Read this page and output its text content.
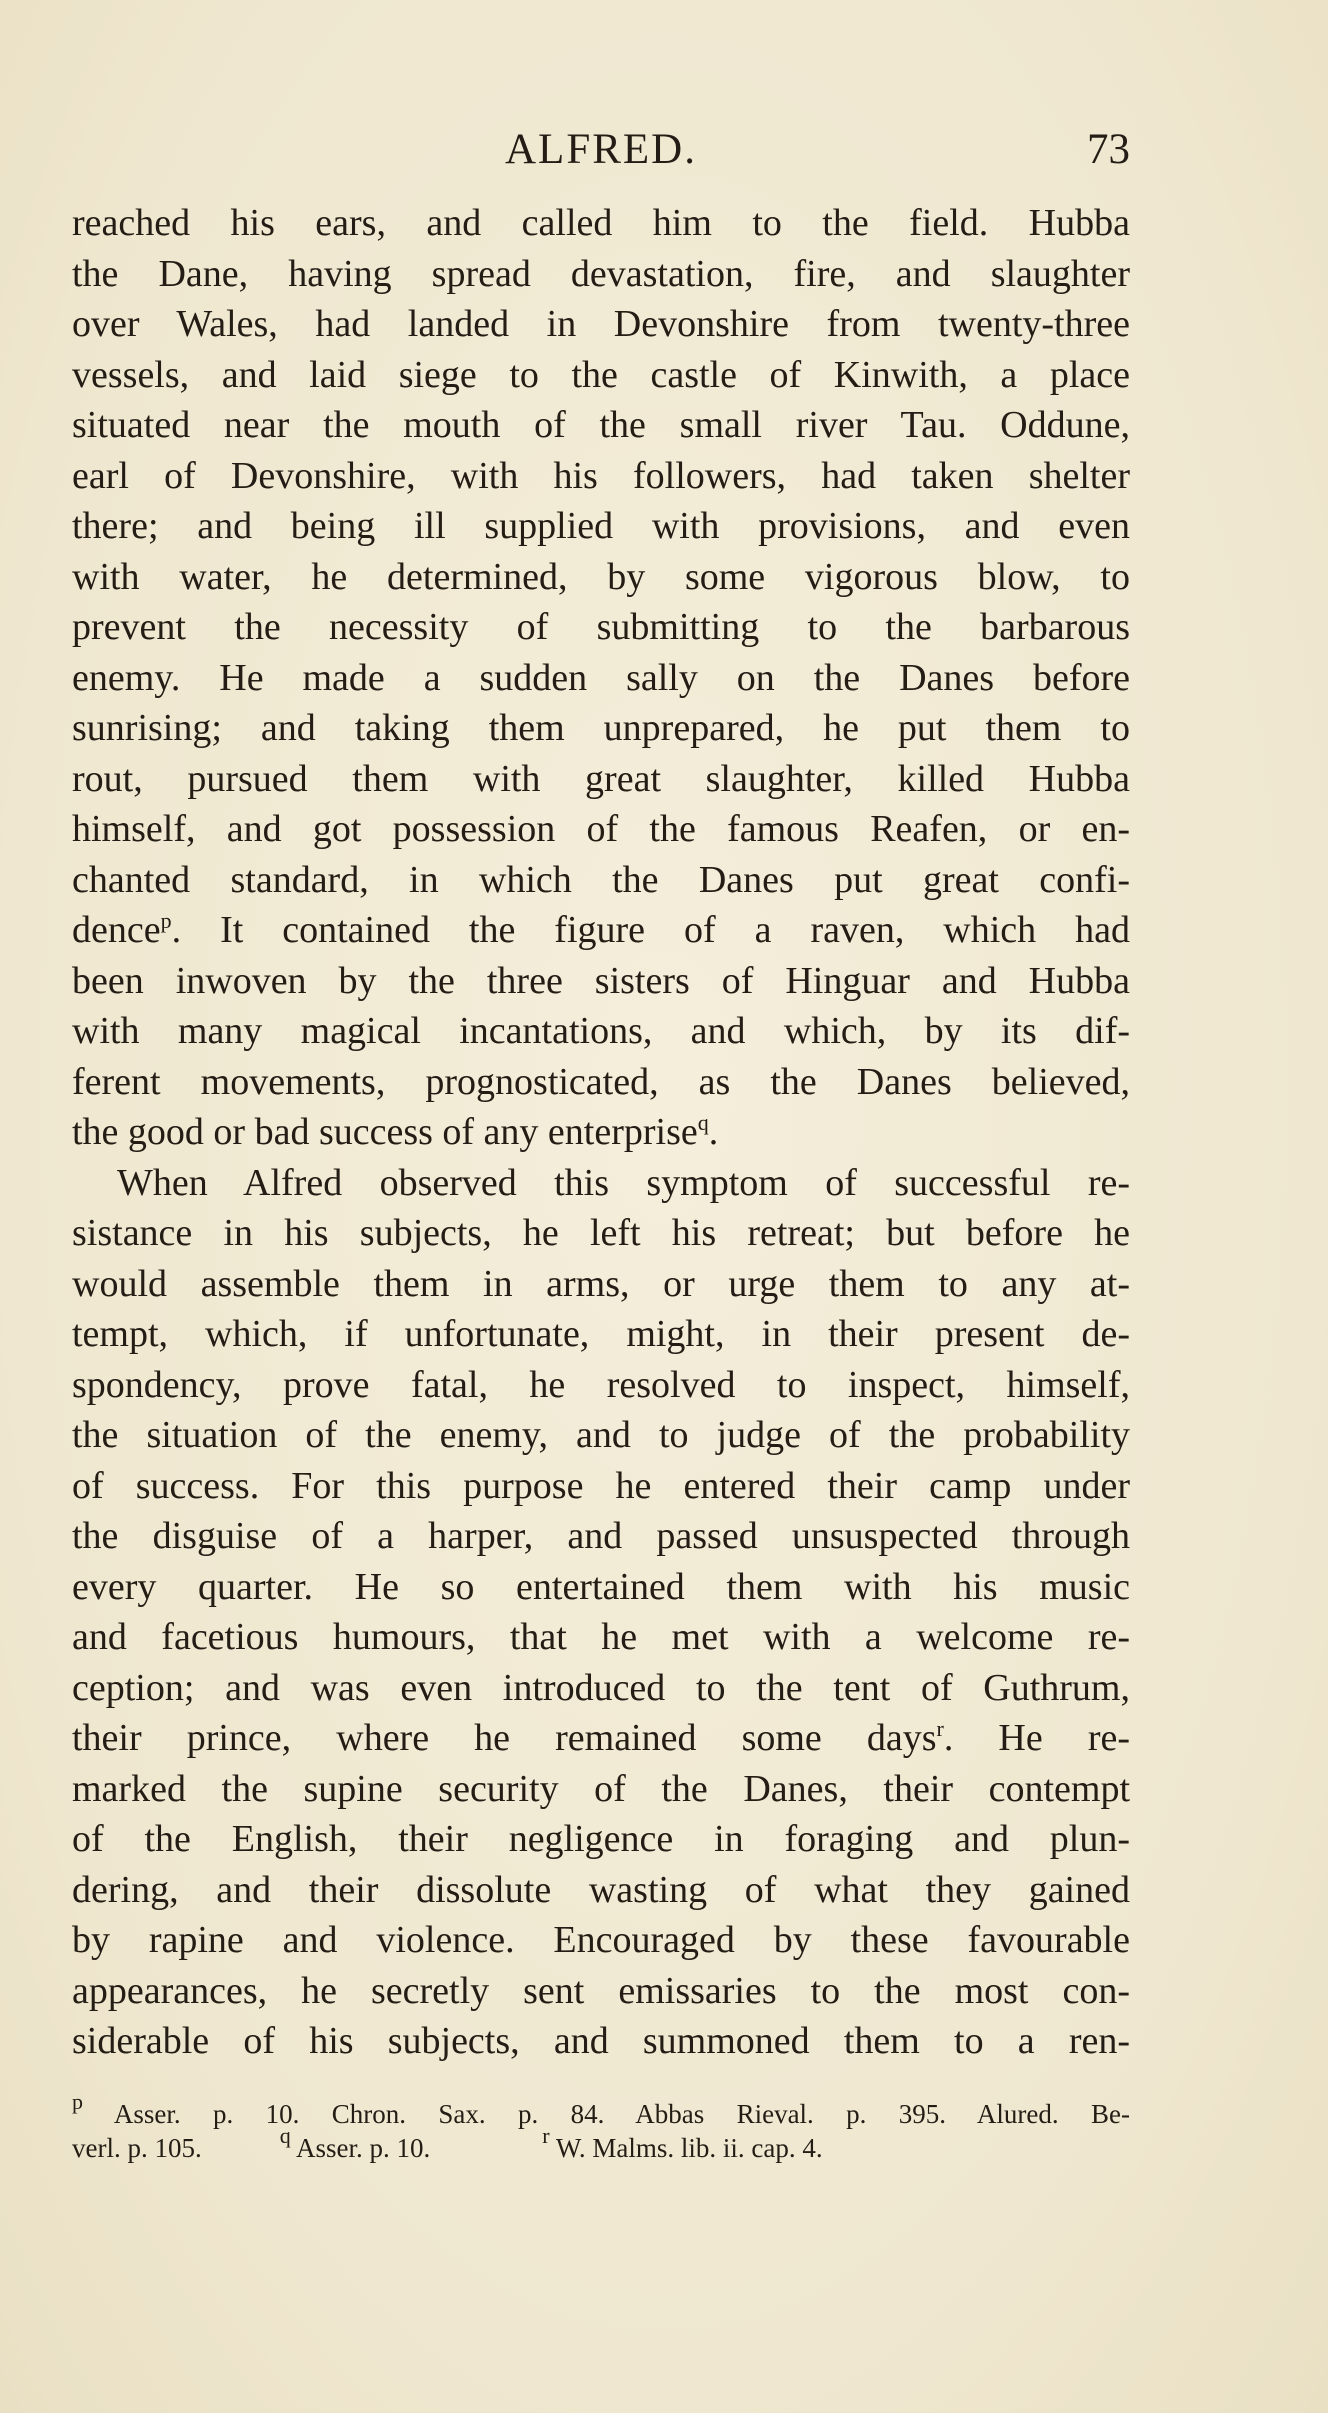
ALFRED.	73
reached his ears, and called him to the field. Hubba
the Dane, having spread devastation, fire, and slaughter
over Wales, had landed in Devonshire from twenty-three
vessels, and laid siege to the castle of Kinwith, a place
situated near the mouth of the small river Tau. Oddune,
earl of Devonshire, with his followers, had taken shelter
there; and being ill supplied with provisions, and even
with water, he determined, by some vigorous blow, to
prevent the necessity of submitting to the barbarous
enemy. He made a sudden sally on the Danes before
sunrising; and taking them unprepared, he put them to
rout, pursued them with great slaughter, killed Hubba
himself, and got possession of the famous Reafen, or en-
chanted standard, in which the Danes put great confi-
dence$^p$. It contained the figure of a raven, which had
been inwoven by the three sisters of Hinguar and Hubba
with many magical incantations, and which, by its dif-
ferent movements, prognosticated, as the Danes believed,
the good or bad success of any enterprise$^q$.
When Alfred observed this symptom of successful re-
sistance in his subjects, he left his retreat; but before he
would assemble them in arms, or urge them to any at-
tempt, which, if unfortunate, might, in their present de-
spondency, prove fatal, he resolved to inspect, himself,
the situation of the enemy, and to judge of the probability
of success. For this purpose he entered their camp under
the disguise of a harper, and passed unsuspected through
every quarter. He so entertained them with his music
and facetious humours, that he met with a welcome re-
ception; and was even introduced to the tent of Guthrum,
their prince, where he remained some days$^r$. He re-
marked the supine security of the Danes, their contempt
of the English, their negligence in foraging and plun-
dering, and their dissolute wasting of what they gained
by rapine and violence. Encouraged by these favourable
appearances, he secretly sent emissaries to the most con-
siderable of his subjects, and summoned them to a ren-
$^p$ Asser. p. 10. Chron. Sax. p. 84. Abbas Rieval. p. 395. Alured. Be-
verl. p. 105.	$^q$ Asser. p. 10.	$^r$ W. Malms. lib. ii. cap. 4.
